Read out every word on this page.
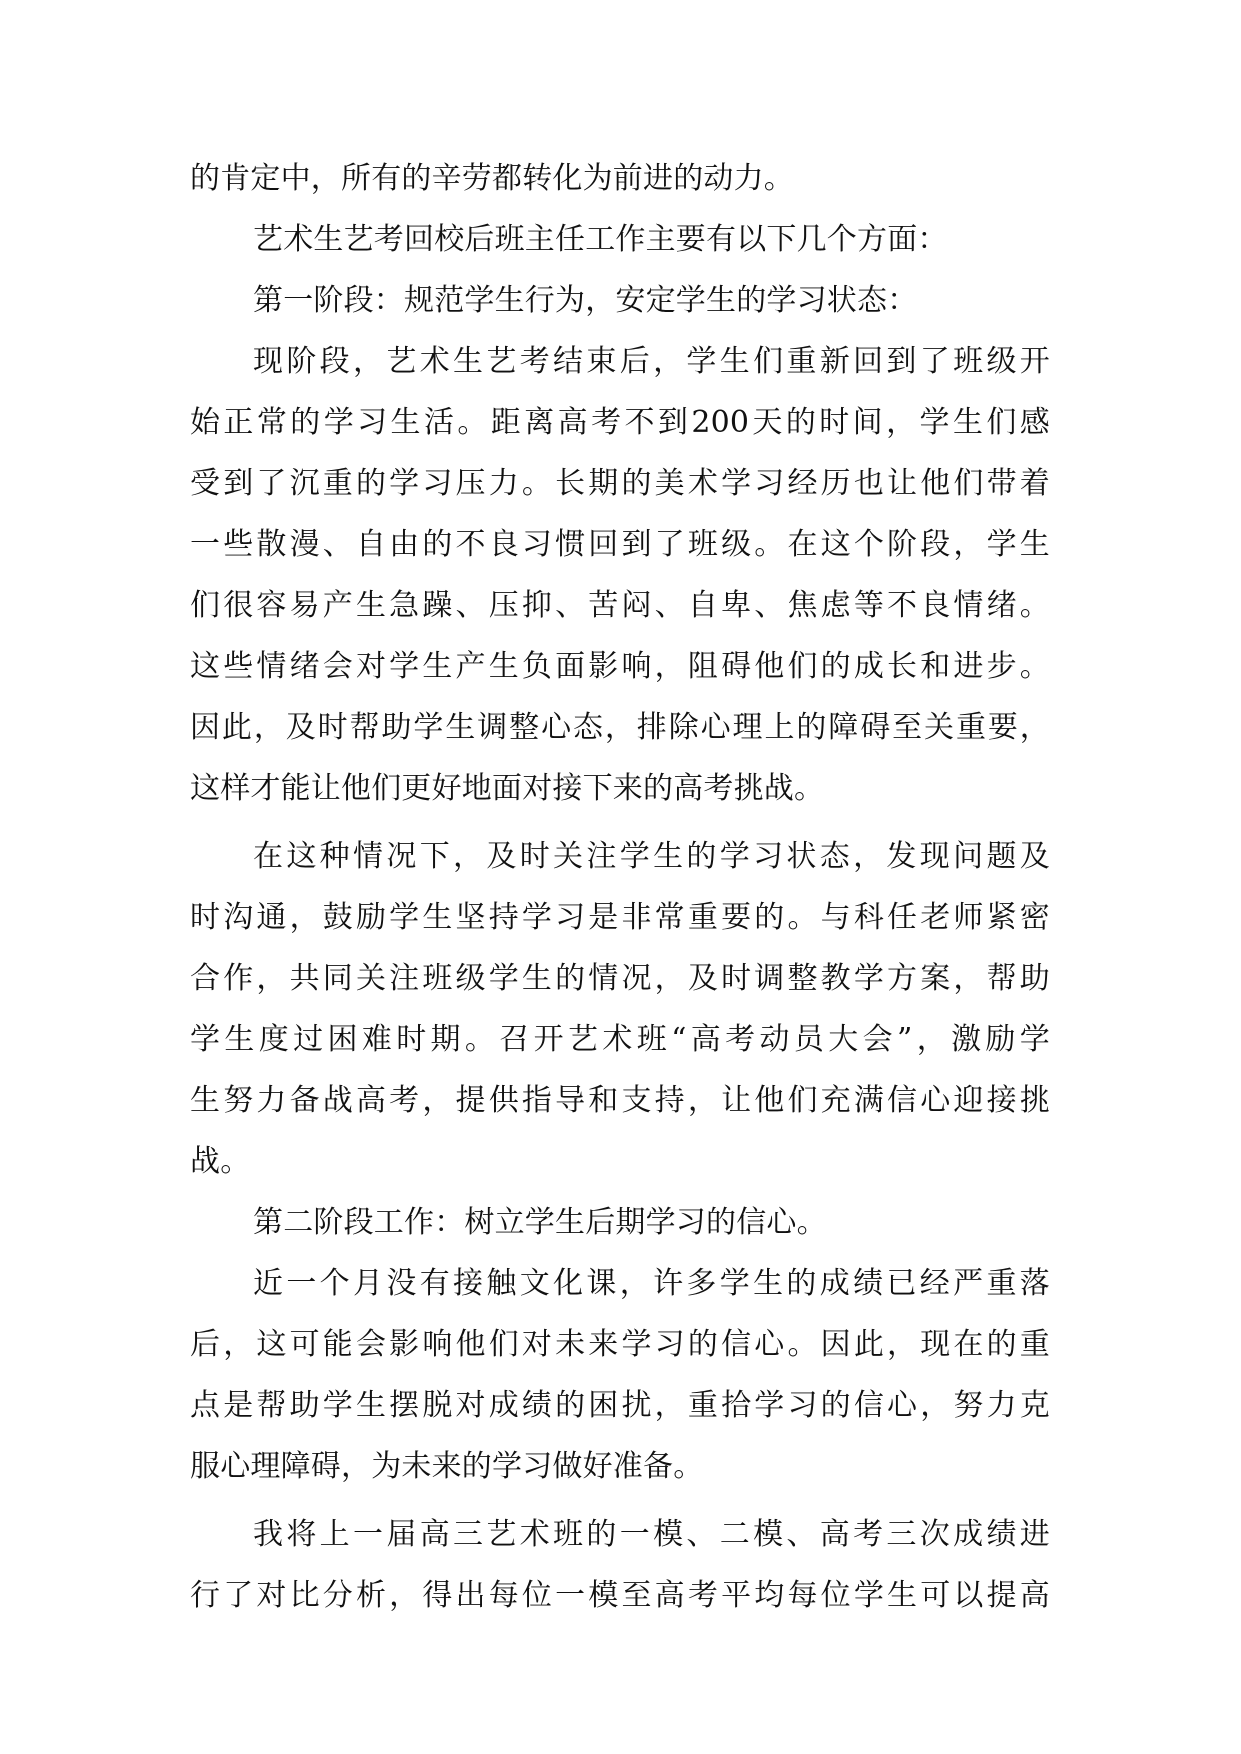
的肯定中，所有的辛劳都转化为前进的动力。
艺术生艺考回校后班主任工作主要有以下几个方面：
第一阶段：规范学生行为，安定学生的学习状态：
现阶段，艺术生艺考结束后，学生们重新回到了班级开
始正常的学习生活。距离高考不到200天的时间，学生们感
受到了沉重的学习压力。长期的美术学习经历也让他们带着
一些散漫、自由的不良习惯回到了班级。在这个阶段，学生
们很容易产生急躁、压抑、苦闷、自卑、焦虑等不良情绪。
这些情绪会对学生产生负面影响，阻碍他们的成长和进步。
因此，及时帮助学生调整心态，排除心理上的障碍至关重要，
这样才能让他们更好地面对接下来的高考挑战。
在这种情况下，及时关注学生的学习状态，发现问题及
时沟通，鼓励学生坚持学习是非常重要的。与科任老师紧密
合作，共同关注班级学生的情况，及时调整教学方案，帮助
学生度过困难时期。召开艺术班“高考动员大会”，激励学
生努力备战高考，提供指导和支持，让他们充满信心迎接挑
战。
第二阶段工作：树立学生后期学习的信心。
近一个月没有接触文化课，许多学生的成绩已经严重落
后，这可能会影响他们对未来学习的信心。因此，现在的重
点是帮助学生摆脱对成绩的困扰，重拾学习的信心，努力克
服心理障碍，为未来的学习做好准备。
我将上一届高三艺术班的一模、二模、高考三次成绩进
行了对比分析，得出每位一模至高考平均每位学生可以提高
